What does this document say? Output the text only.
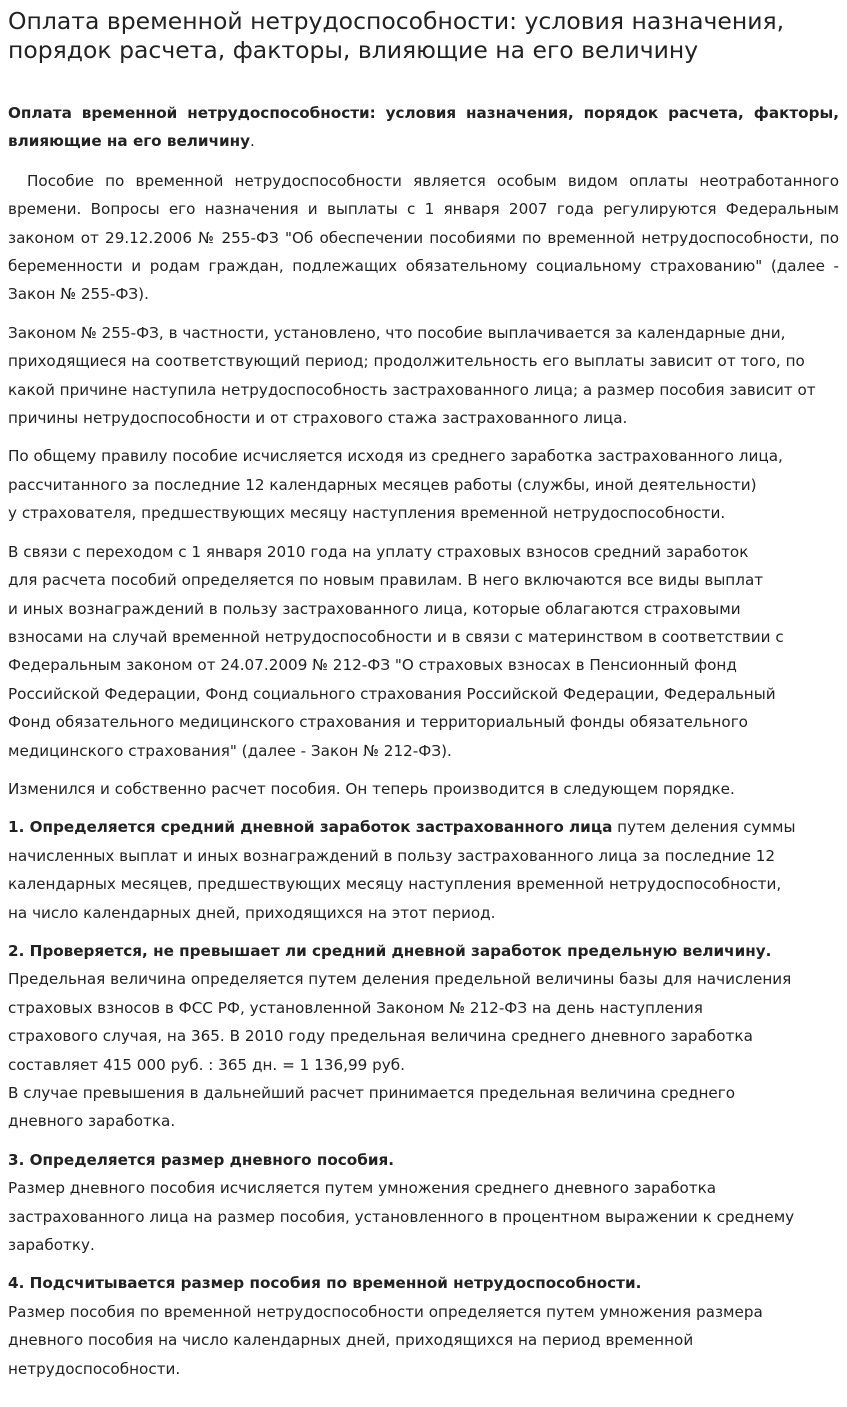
Оплата временной нетрудоспособности: условия назначения, порядок расчета, факторы, влияющие на его величину

Оплата временной нетрудоспособности: условия назначения, порядок расчета, факторы, влияющие на его величину.

Пособие по временной нетрудоспособности является особым видом оплаты неотработанного времени. Вопросы его назначения и выплаты с 1 января 2007 года регулируются Федеральным законом от 29.12.2006 № 255-ФЗ "Об обеспечении пособиями по временной нетрудоспособности, по беременности и родам граждан, подлежащих обязательному социальному страхованию" (далее - Закон № 255-ФЗ).

Законом № 255-ФЗ, в частности, установлено, что пособие выплачивается за календарные дни, приходящиеся на соответствующий период; продолжительность его выплаты зависит от того, по какой причине наступила нетрудоспособность застрахованного лица; а размер пособия зависит от причины нетрудоспособности и от страхового стажа застрахованного лица.

По общему правилу пособие исчисляется исходя из среднего заработка застрахованного лица,
рассчитанного за последние 12 календарных месяцев работы (службы, иной деятельности)
у страхователя, предшествующих месяцу наступления временной нетрудоспособности.

В связи с переходом с 1 января 2010 года на уплату страховых взносов средний заработок
для расчета пособий определяется по новым правилам. В него включаются все виды выплат
и иных вознаграждений в пользу застрахованного лица, которые облагаются страховыми
взносами на случай временной нетрудоспособности и в связи с материнством в соответствии с
Федеральным законом от 24.07.2009 № 212-ФЗ "О страховых взносах в Пенсионный фонд
Российской Федерации, Фонд социального страхования Российской Федерации, Федеральный
Фонд обязательного медицинского страхования и территориальный фонды обязательного
медицинского страхования" (далее - Закон № 212-ФЗ).

Изменился и собственно расчет пособия. Он теперь производится в следующем порядке.

1. Определяется средний дневной заработок застрахованного лица путем деления суммы
начисленных выплат и иных вознаграждений в пользу застрахованного лица за последние 12
календарных месяцев, предшествующих месяцу наступления временной нетрудоспособности,
на число календарных дней, приходящихся на этот период.

2. Проверяется, не превышает ли средний дневной заработок предельную величину.
Предельная величина определяется путем деления предельной величины базы для начисления
страховых взносов в ФСС РФ, установленной Законом № 212-ФЗ на день наступления
страхового случая, на 365. В 2010 году предельная величина среднего дневного заработка
составляет 415 000 руб. : 365 дн. = 1 136,99 руб.
В случае превышения в дальнейший расчет принимается предельная величина среднего
дневного заработка.

3. Определяется размер дневного пособия.
Размер дневного пособия исчисляется путем умножения среднего дневного заработка
застрахованного лица на размер пособия, установленного в процентном выражении к среднему
заработку.

4. Подсчитывается размер пособия по временной нетрудоспособности.
Размер пособия по временной нетрудоспособности определяется путем умножения размера
дневного пособия на число календарных дней, приходящихся на период временной
нетрудоспособности.
